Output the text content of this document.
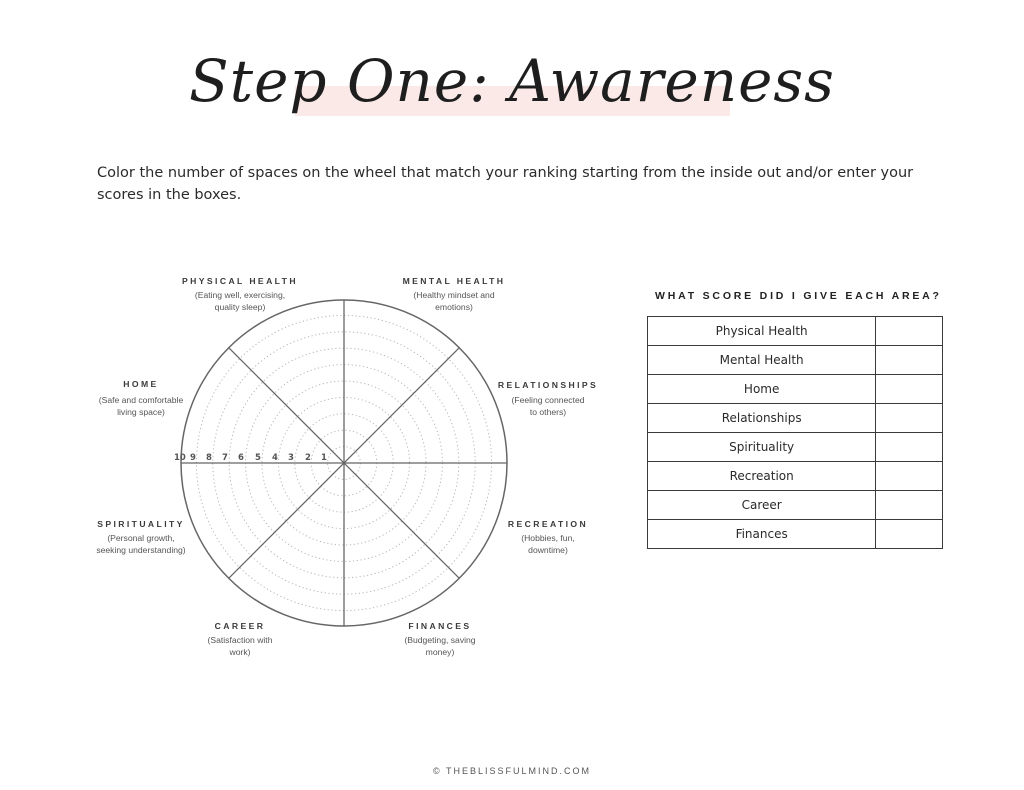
Step One: Awareness
Color the number of spaces on the wheel that match your ranking starting from the inside out and/or enter your scores in the boxes.
10 9 8 7 6 5 4 3 2 1
PHYSICAL HEALTH
(Eating well, exercising,
quality sleep)
MENTAL HEALTH
(Healthy mindset and
emotions)
RELATIONSHIPS
(Feeling connected
to others)
RECREATION
(Hobbies, fun,
downtime)
FINANCES
(Budgeting, saving
money)
CAREER
(Satisfaction with
work)
SPIRITUALITY
(Personal growth,
seeking understanding)
HOME
(Safe and comfortable
living space)
WHAT SCORE DID I GIVE EACH AREA?
Physical Health	
Mental Health	
Home	
Relationships	
Spirituality	
Recreation	
Career	
Finances	
© THEBLISSFULMIND.COM
